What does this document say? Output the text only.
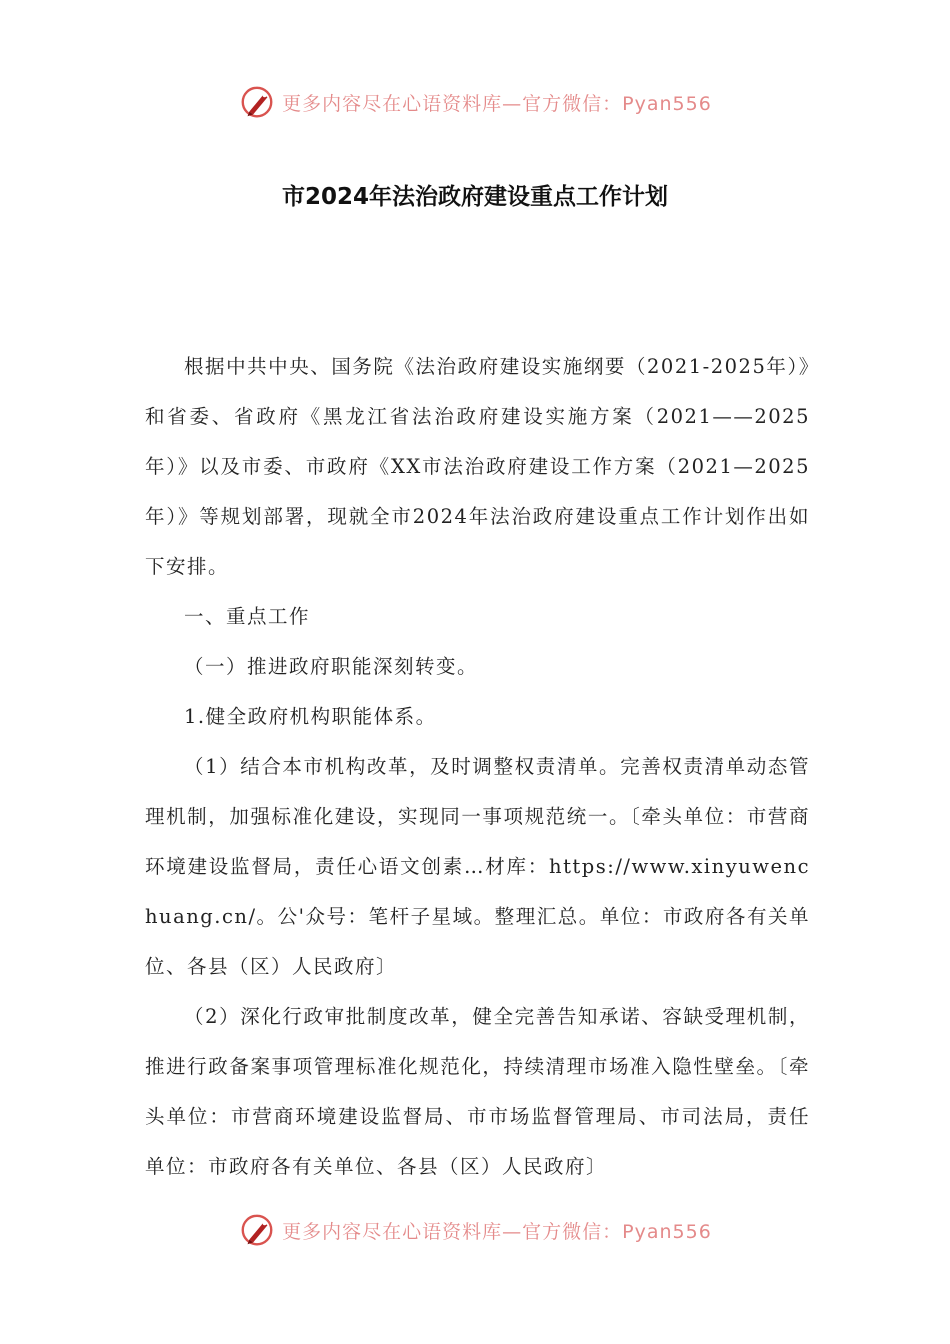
更多内容尽在心语资料库—官方微信：Pyan556
市2024年法治政府建设重点工作计划

根据中共中央、国务院《法治政府建设实施纲要（2021-2025年）》和省委、省政府《黑龙江省法治政府建设实施方案（2021——2025年）》以及市委、市政府《XX市法治政府建设工作方案（2021—2025年）》等规划部署，现就全市2024年法治政府建设重点工作计划作出如下安排。

一、重点工作

（一）推进政府职能深刻转变。

1.健全政府机构职能体系。

（1）结合本市机构改革，及时调整权责清单。完善权责清单动态管理机制，加强标准化建设，实现同一事项规范统一。〔牵头单位：市营商环境建设监督局，责任心语文创素…材库：https://www.xinyuwenchuang.cn/。公'众号：笔杆子星域。整理汇总。单位：市政府各有关单位、各县（区）人民政府〕

（2）深化行政审批制度改革，健全完善告知承诺、容缺受理机制，推进行政备案事项管理标准化规范化，持续清理市场准入隐性壁垒。〔牵头单位：市营商环境建设监督局、市市场监督管理局、市司法局，责任单位：市政府各有关单位、各县（区）人民政府〕

更多内容尽在心语资料库—官方微信：Pyan556
